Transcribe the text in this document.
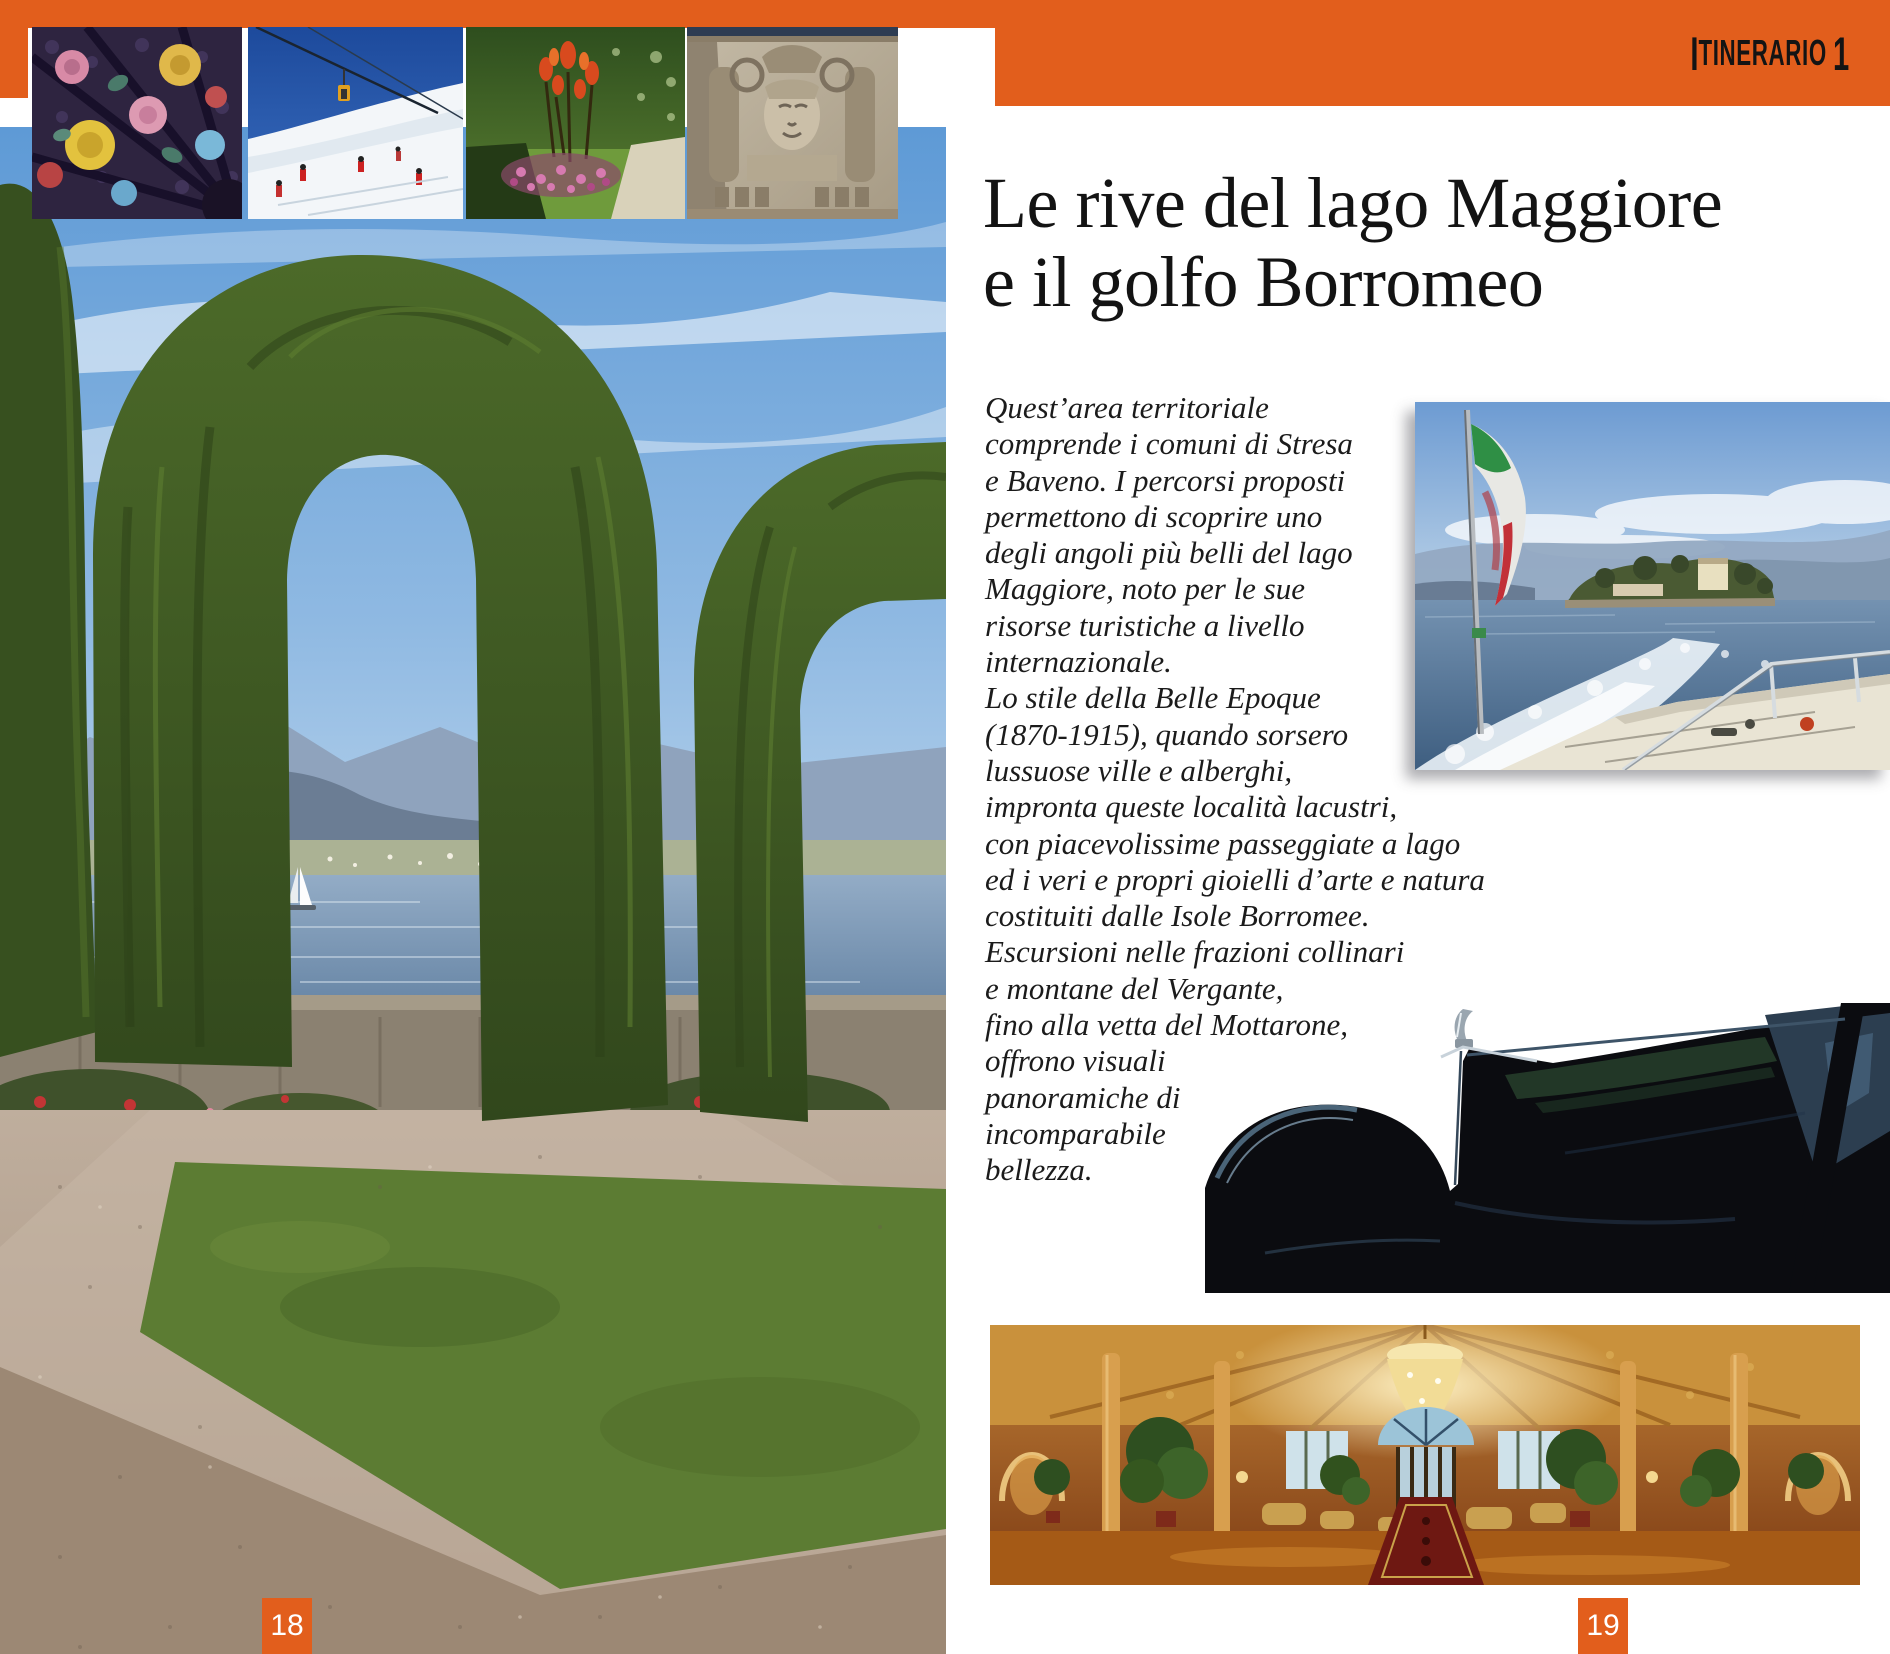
I TINERARIO 1
Le rive del lago Maggiore
e il golfo Borromeo
Quest’area territoriale
comprende i comuni di Stresa
e Baveno. I percorsi proposti
permettono di scoprire uno
degli angoli più belli del lago
Maggiore, noto per le sue
risorse turistiche a livello
internazionale.
Lo stile della Belle Epoque
(1870-1915), quando sorsero
lussuose ville e alberghi,
impronta queste località lacustri,
con piacevolissime passeggiate a lago
ed i veri e propri gioielli d’arte e natura
costituiti dalle Isole Borromee.
Escursioni nelle frazioni collinari
e montane del Vergante,
fino alla vetta del Mottarone,
offrono visuali
panoramiche di
incomparabile
bellezza.
18	19
